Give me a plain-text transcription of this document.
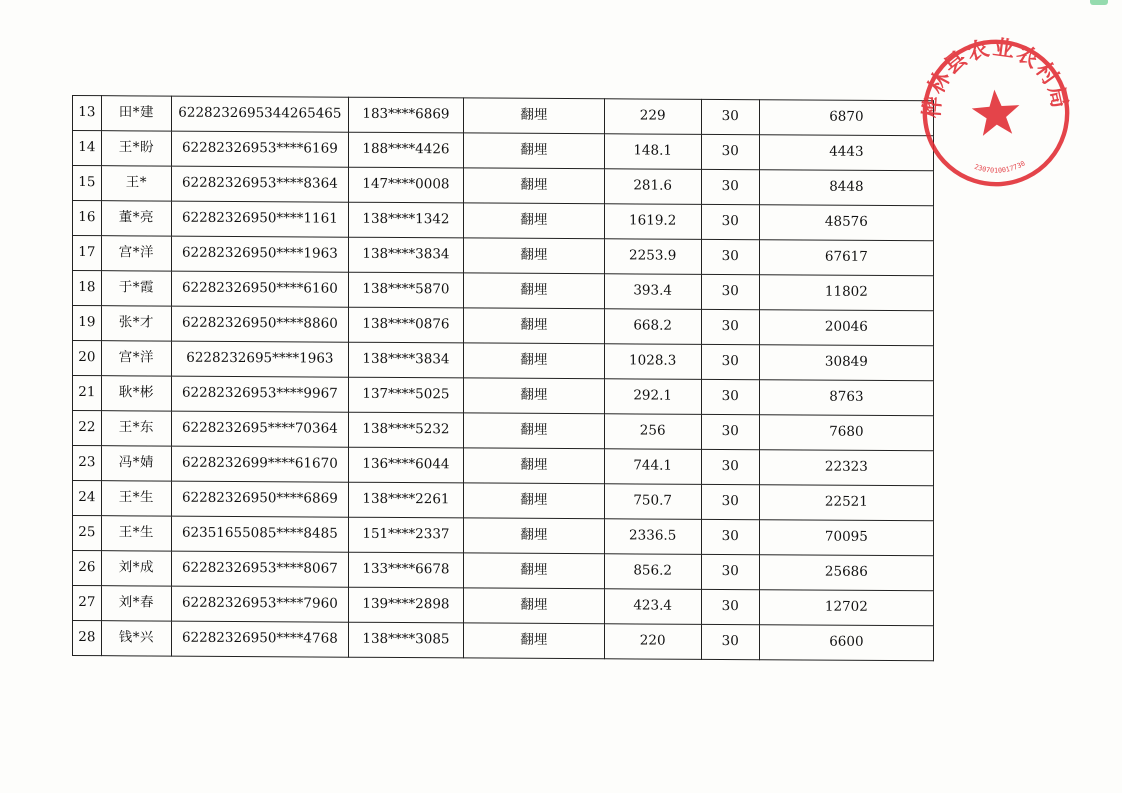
13	田*建	6228232695344265465	183****6869	翻埋	229	30	6870
14	王*盼	62282326953****6169	188****4426	翻埋	148.1	30	4443
15	王*	62282326953****8364	147****0008	翻埋	281.6	30	8448
16	董*亮	62282326950****1161	138****1342	翻埋	1619.2	30	48576
17	宫*洋	62282326950****1963	138****3834	翻埋	2253.9	30	67617
18	于*霞	62282326950****6160	138****5870	翻埋	393.4	30	11802
19	张*才	62282326950****8860	138****0876	翻埋	668.2	30	20046
20	宫*洋	6228232695****1963	138****3834	翻埋	1028.3	30	30849
21	耿*彬	62282326953****9967	137****5025	翻埋	292.1	30	8763
22	王*东	6228232695****70364	138****5232	翻埋	256	30	7680
23	冯*婧	6228232699****61670	136****6044	翻埋	744.1	30	22323
24	王*生	62282326950****6869	138****2261	翻埋	750.7	30	22521
25	王*生	62351655085****8485	151****2337	翻埋	2336.5	30	70095
26	刘*成	62282326953****8067	133****6678	翻埋	856.2	30	25686
27	刘*春	62282326953****7960	139****2898	翻埋	423.4	30	12702
28	钱*兴	62282326950****4768	138****3085	翻埋	220	30	6600
桦林县农业农村局
2307010017730
